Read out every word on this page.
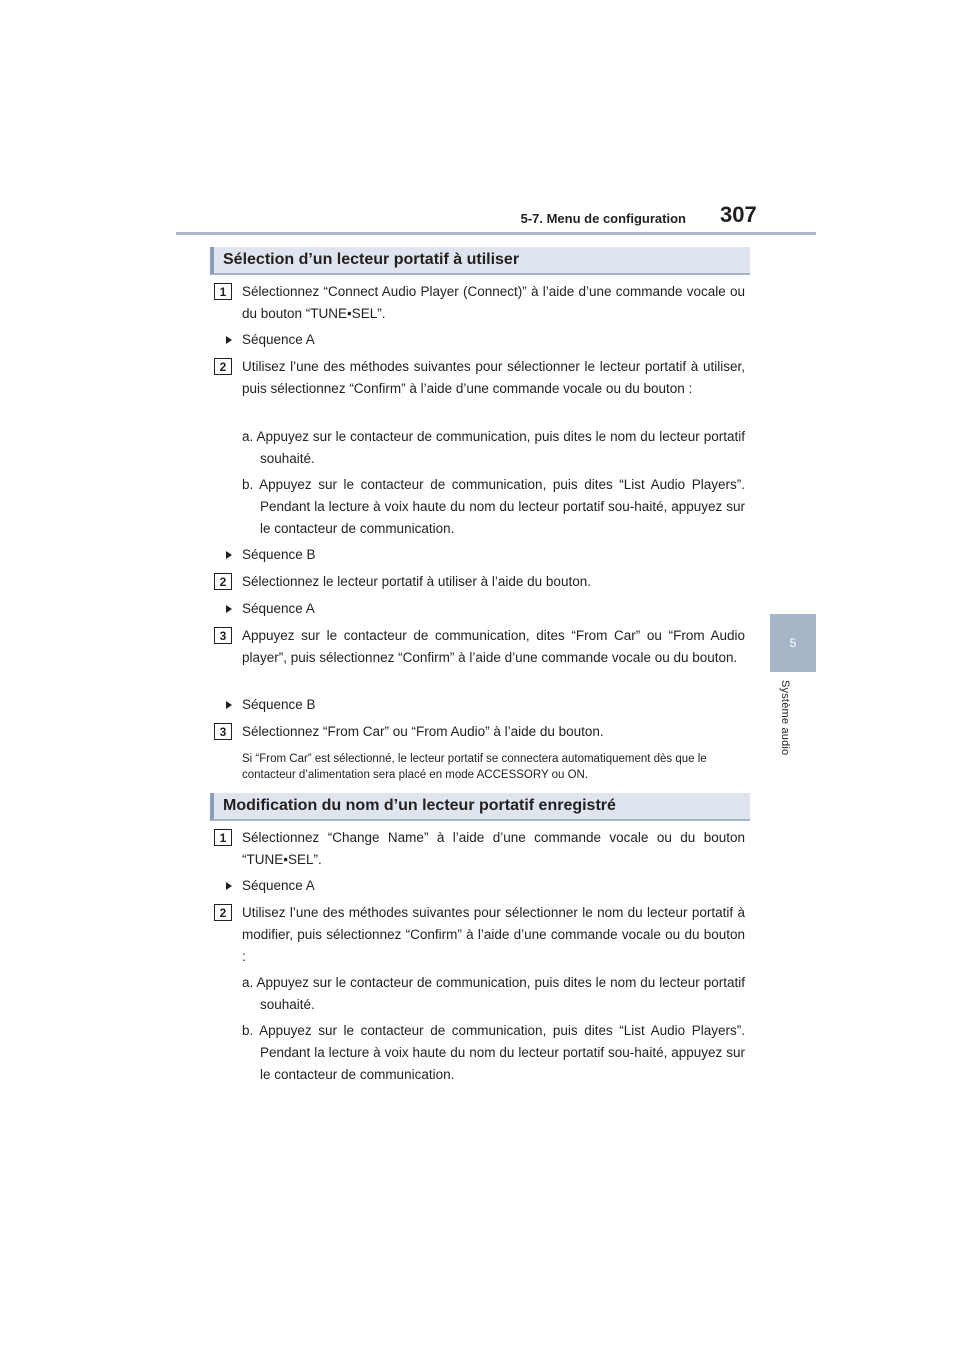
5-7. Menu de configuration 307
5
Système audio
Sélection d’un lecteur portatif à utiliser
1	Sélectionnez “Connect Audio Player (Connect)” à l’aide d’une commande vocale ou du bouton “TUNE•SEL”.
Séquence A
2	Utilisez l’une des méthodes suivantes pour sélectionner le lecteur portatif à utiliser, puis sélectionnez “Confirm” à l’aide d’une commande vocale ou du bouton :
a. Appuyez sur le contacteur de communication, puis dites le nom du lecteur portatif souhaité.
b. Appuyez sur le contacteur de communication, puis dites “List Audio Players”. Pendant la lecture à voix haute du nom du lecteur portatif sou-haité, appuyez sur le contacteur de communication.
Séquence B
2	Sélectionnez le lecteur portatif à utiliser à l’aide du bouton.
Séquence A
3	Appuyez sur le contacteur de communication, dites “From Car” ou “From Audio player”, puis sélectionnez “Confirm” à l’aide d’une commande vocale ou du bouton.
Séquence B
3	Sélectionnez “From Car” ou “From Audio” à l’aide du bouton.
Si “From Car” est sélectionné, le lecteur portatif se connectera automatiquement dès que le contacteur d’alimentation sera placé en mode ACCESSORY ou ON.
Modification du nom d’un lecteur portatif enregistré
1	Sélectionnez “Change Name” à l’aide d’une commande vocale ou du bouton “TUNE•SEL”.
Séquence A
2	Utilisez l’une des méthodes suivantes pour sélectionner le nom du lecteur portatif à modifier, puis sélectionnez “Confirm” à l’aide d’une commande vocale ou du bouton :
a. Appuyez sur le contacteur de communication, puis dites le nom du lecteur portatif souhaité.
b. Appuyez sur le contacteur de communication, puis dites “List Audio Players”. Pendant la lecture à voix haute du nom du lecteur portatif sou-haité, appuyez sur le contacteur de communication.
